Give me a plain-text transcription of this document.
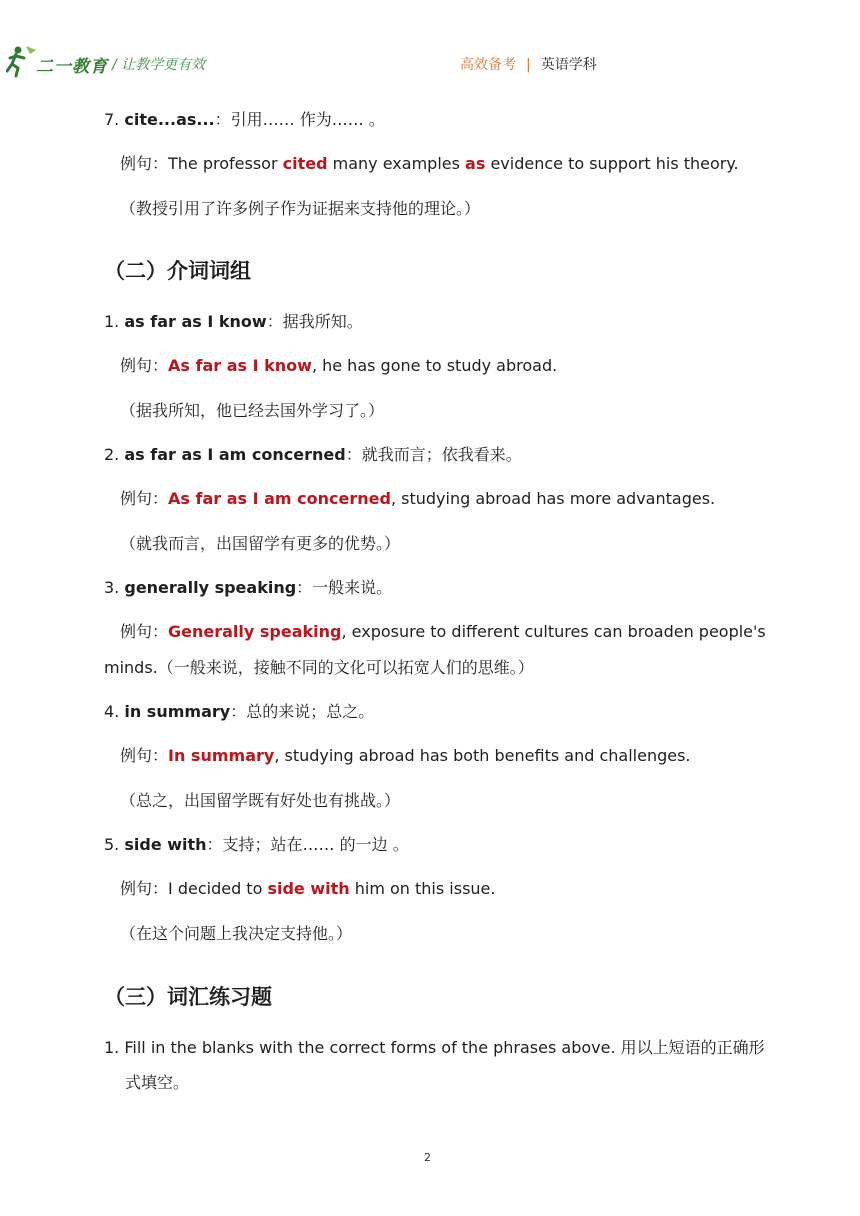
二一教育 / 让教学更有效	高效备考 | 英语学科
7. cite...as...：引用…… 作为…… 。
例句：The professor cited many examples as evidence to support his theory.
（教授引用了许多例子作为证据来支持他的理论。）
（二）介词词组
1. as far as I know：据我所知。
例句：As far as I know, he has gone to study abroad.
（据我所知，他已经去国外学习了。）
2. as far as I am concerned：就我而言；依我看来。
例句：As far as I am concerned, studying abroad has more advantages.
（就我而言，出国留学有更多的优势。）
3. generally speaking：一般来说。
例句：Generally speaking, exposure to different cultures can broaden people's
minds.（一般来说，接触不同的文化可以拓宽人们的思维。）
4. in summary：总的来说；总之。
例句：In summary, studying abroad has both benefits and challenges.
（总之，出国留学既有好处也有挑战。）
5. side with：支持；站在…… 的一边 。
例句：I decided to side with him on this issue.
（在这个问题上我决定支持他。）
（三）词汇练习题
1. Fill in the blanks with the correct forms of the phrases above. 用以上短语的正确形
式填空。
2
